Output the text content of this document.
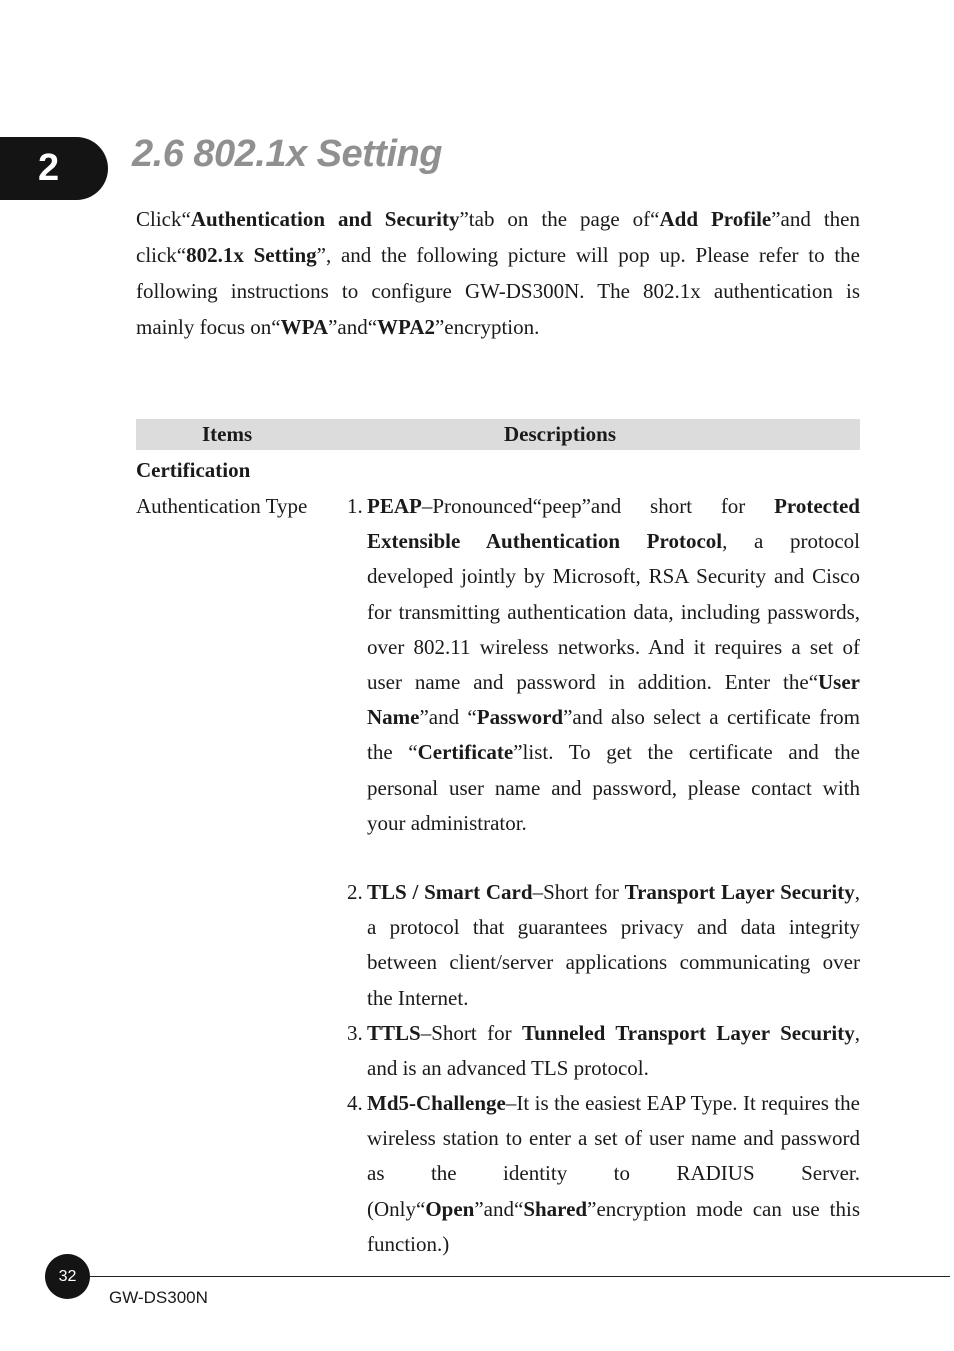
2	2.6 802.1x Setting

Click“Authentication and Security”tab on the page of“Add Profile”and then click“802.1x Setting”, and the following picture will pop up. Please refer to the following instructions to configure GW-DS300N. The 802.1x authentication is mainly focus on“WPA”and“WPA2”encryption.

Items	Descriptions
Certification
Authentication Type 1. PEAP–Pronounced“peep”and short for Protected Extensible Authentication Protocol, a protocol developed jointly by Microsoft, RSA Security and Cisco for transmitting authentication data, including passwords, over 802.11 wireless networks. And it requires a set of user name and password in addition. Enter the“User Name”and “Password”and also select a certificate from the “Certificate”list. To get the certificate and the personal user name and password, please contact with your administrator.

2. TLS / Smart Card–Short for Transport Layer Security, a protocol that guarantees privacy and data integrity between client/server applications communicating over the Internet.

3. TTLS–Short for Tunneled Transport Layer Security, and is an advanced TLS protocol.

4. Md5-Challenge–It is the easiest EAP Type. It requires the wireless station to enter a set of user name and password as the identity to RADIUS Server. (Only“Open”and“Shared”encryption mode can use this function.)

32
GW-DS300N
